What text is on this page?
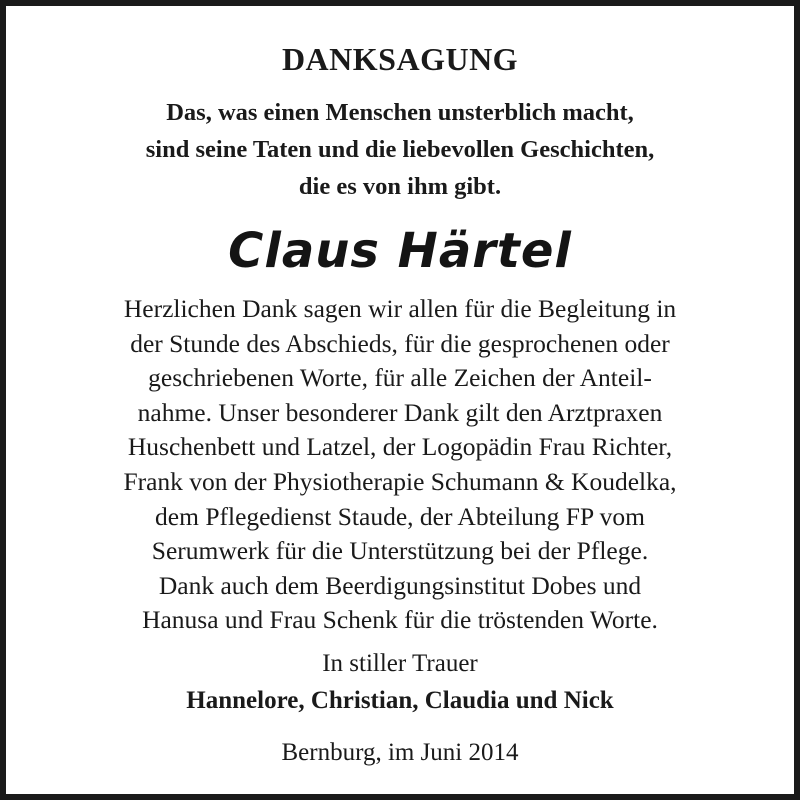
DANKSAGUNG
Das, was einen Menschen unsterblich macht,
sind seine Taten und die liebevollen Geschichten,
die es von ihm gibt.
Claus Härtel
Herzlichen Dank sagen wir allen für die Begleitung in
der Stunde des Abschieds, für die gesprochenen oder
geschriebenen Worte, für alle Zeichen der Anteil-
nahme. Unser besonderer Dank gilt den Arztpraxen
Huschenbett und Latzel, der Logopädin Frau Richter,
Frank von der Physiotherapie Schumann & Koudelka,
dem Pflegedienst Staude, der Abteilung FP vom
Serumwerk für die Unterstützung bei der Pflege.
Dank auch dem Beerdigungsinstitut Dobes und
Hanusa und Frau Schenk für die tröstenden Worte.
In stiller Trauer
Hannelore, Christian, Claudia und Nick
Bernburg, im Juni 2014
